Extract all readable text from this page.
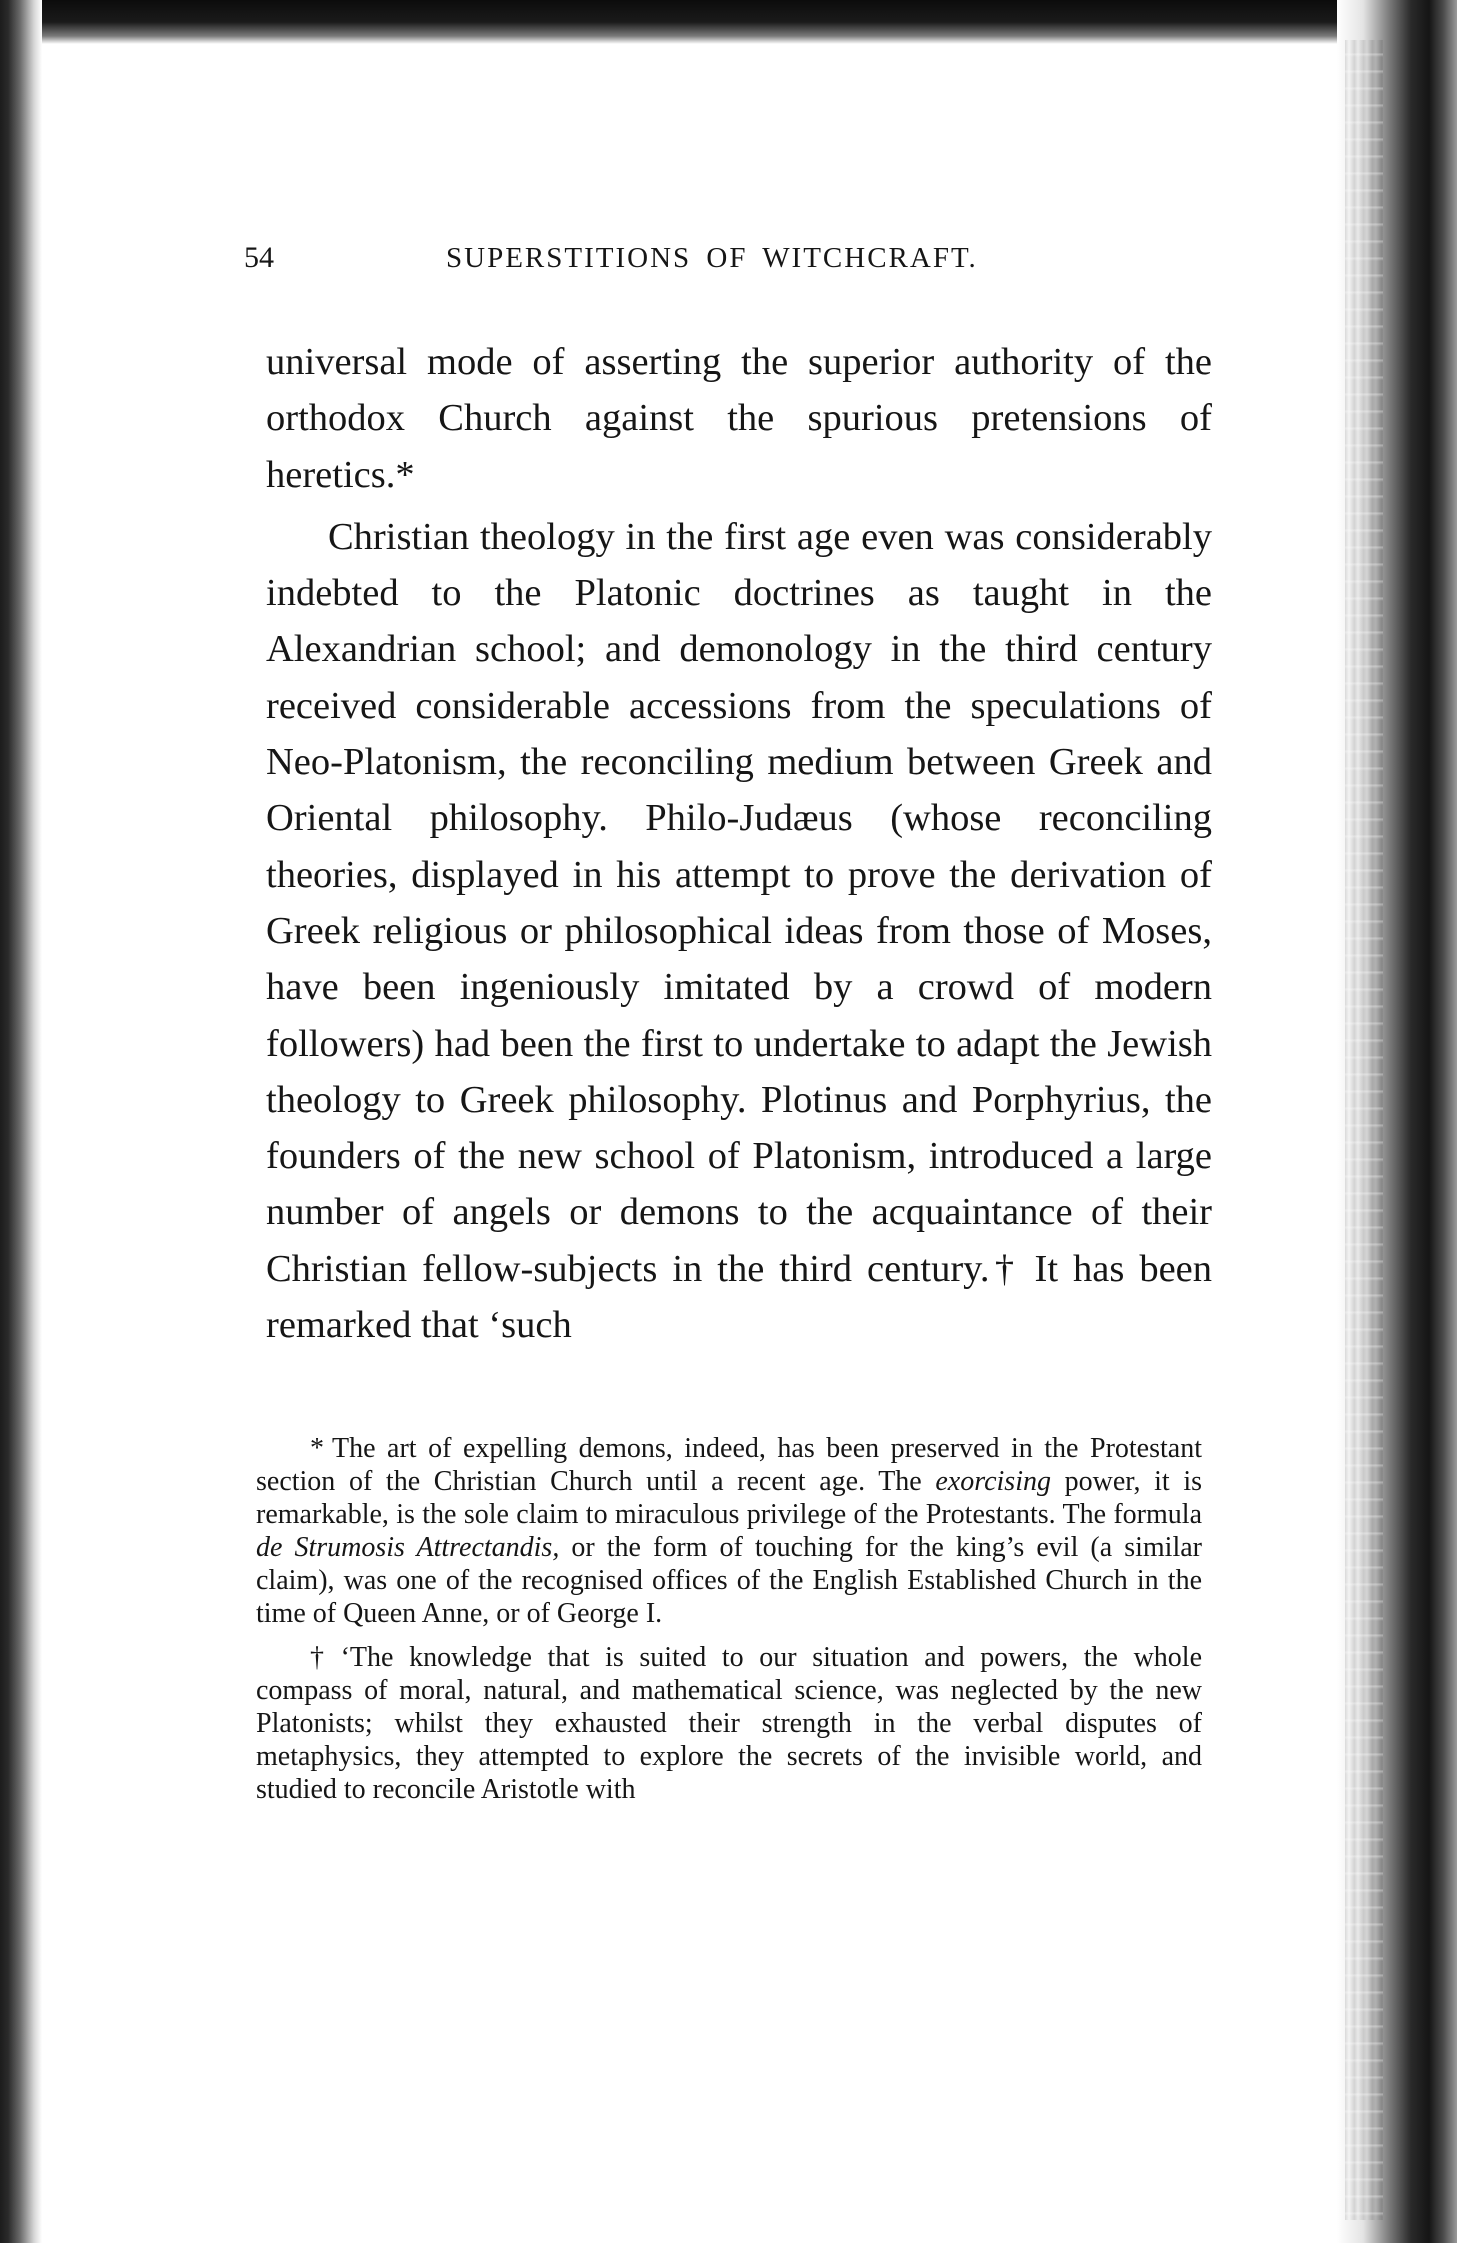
54	SUPERSTITIONS OF WITCHCRAFT.

universal mode of asserting the superior authority of the orthodox Church against the spurious pretensions of heretics.*

Christian theology in the first age even was considerably indebted to the Platonic doctrines as taught in the Alexandrian school; and demonology in the third century received considerable accessions from the speculations of Neo-Platonism, the reconciling medium between Greek and Oriental philosophy. Philo-Judæus (whose reconciling theories, displayed in his attempt to prove the derivation of Greek religious or philosophical ideas from those of Moses, have been ingeniously imitated by a crowd of modern followers) had been the first to undertake to adapt the Jewish theology to Greek philosophy. Plotinus and Porphyrius, the founders of the new school of Platonism, introduced a large number of angels or demons to the acquaintance of their Christian fellow-subjects in the third century.† It has been remarked that ‘such

* The art of expelling demons, indeed, has been preserved in the Protestant section of the Christian Church until a recent age. The exorcising power, it is remarkable, is the sole claim to miraculous privilege of the Protestants. The formula de Strumosis Attrectandis, or the form of touching for the king’s evil (a similar claim), was one of the recognised offices of the English Established Church in the time of Queen Anne, or of George I.

† ‘The knowledge that is suited to our situation and powers, the whole compass of moral, natural, and mathematical science, was neglected by the new Platonists; whilst they exhausted their strength in the verbal disputes of metaphysics, they attempted to explore the secrets of the invisible world, and studied to reconcile Aristotle with
